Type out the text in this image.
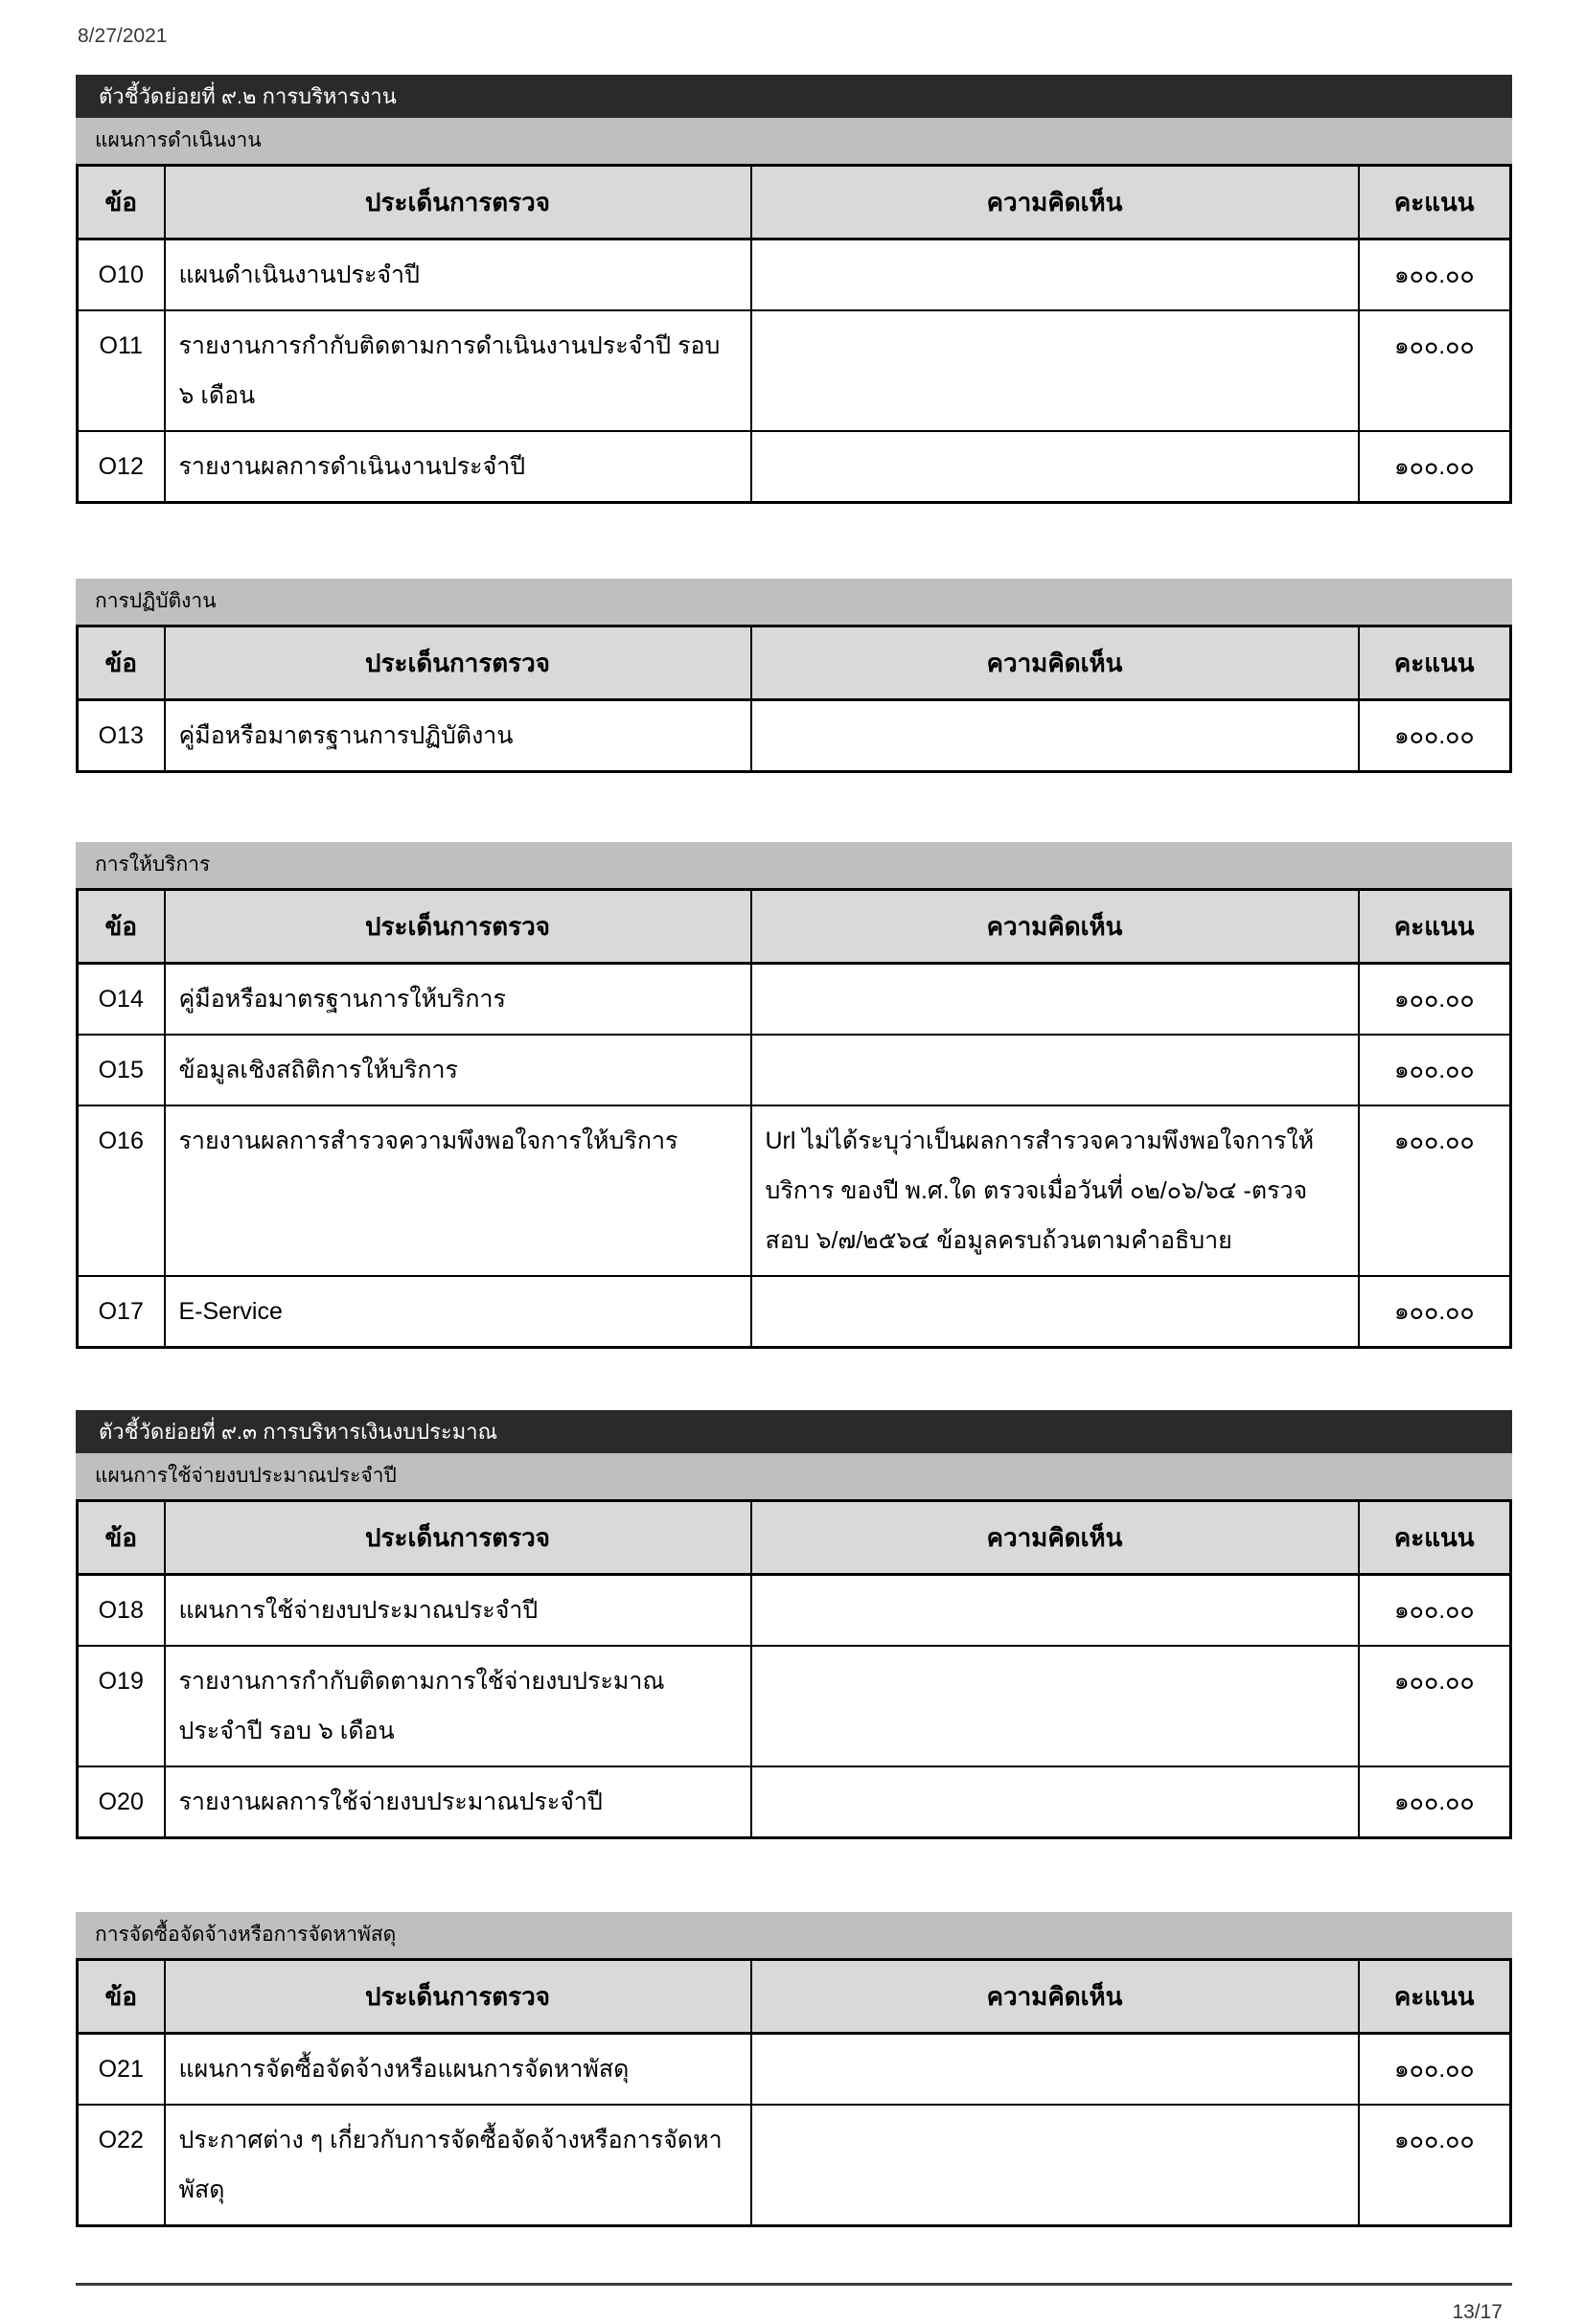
8/27/2021
ตัวชี้วัดย่อยที่ ๙.๒ การบริหารงาน
แผนการดำเนินงาน
ข้อ	ประเด็นการตรวจ	ความคิดเห็น	คะแนน
O10	แผนดำเนินงานประจำปี		๑๐๐.๐๐
O11	รายงานการกำกับติดตามการดำเนินงานประจำปี รอบ ๖ เดือน		๑๐๐.๐๐
O12	รายงานผลการดำเนินงานประจำปี		๑๐๐.๐๐
การปฏิบัติงาน
ข้อ	ประเด็นการตรวจ	ความคิดเห็น	คะแนน
O13	คู่มือหรือมาตรฐานการปฏิบัติงาน		๑๐๐.๐๐
การให้บริการ
ข้อ	ประเด็นการตรวจ	ความคิดเห็น	คะแนน
O14	คู่มือหรือมาตรฐานการให้บริการ		๑๐๐.๐๐
O15	ข้อมูลเชิงสถิติการให้บริการ		๑๐๐.๐๐
O16	รายงานผลการสำรวจความพึงพอใจการให้บริการ	Url ไม่ได้ระบุว่าเป็นผลการสำรวจความพึงพอใจการให้บริการ ของปี พ.ศ.ใด ตรวจเมื่อวันที่ ๐๒/๐๖/๖๔ -ตรวจสอบ ๖/๗/๒๕๖๔ ข้อมูลครบถ้วนตามคำอธิบาย	๑๐๐.๐๐
O17	E-Service		๑๐๐.๐๐
ตัวชี้วัดย่อยที่ ๙.๓ การบริหารเงินงบประมาณ
แผนการใช้จ่ายงบประมาณประจำปี
ข้อ	ประเด็นการตรวจ	ความคิดเห็น	คะแนน
O18	แผนการใช้จ่ายงบประมาณประจำปี		๑๐๐.๐๐
O19	รายงานการกำกับติดตามการใช้จ่ายงบประมาณ ประจำปี รอบ ๖ เดือน		๑๐๐.๐๐
O20	รายงานผลการใช้จ่ายงบประมาณประจำปี		๑๐๐.๐๐
การจัดซื้อจัดจ้างหรือการจัดหาพัสดุ
ข้อ	ประเด็นการตรวจ	ความคิดเห็น	คะแนน
O21	แผนการจัดซื้อจัดจ้างหรือแผนการจัดหาพัสดุ		๑๐๐.๐๐
O22	ประกาศต่าง ๆ เกี่ยวกับการจัดซื้อจัดจ้างหรือการจัดหาพัสดุ		๑๐๐.๐๐
13/17
